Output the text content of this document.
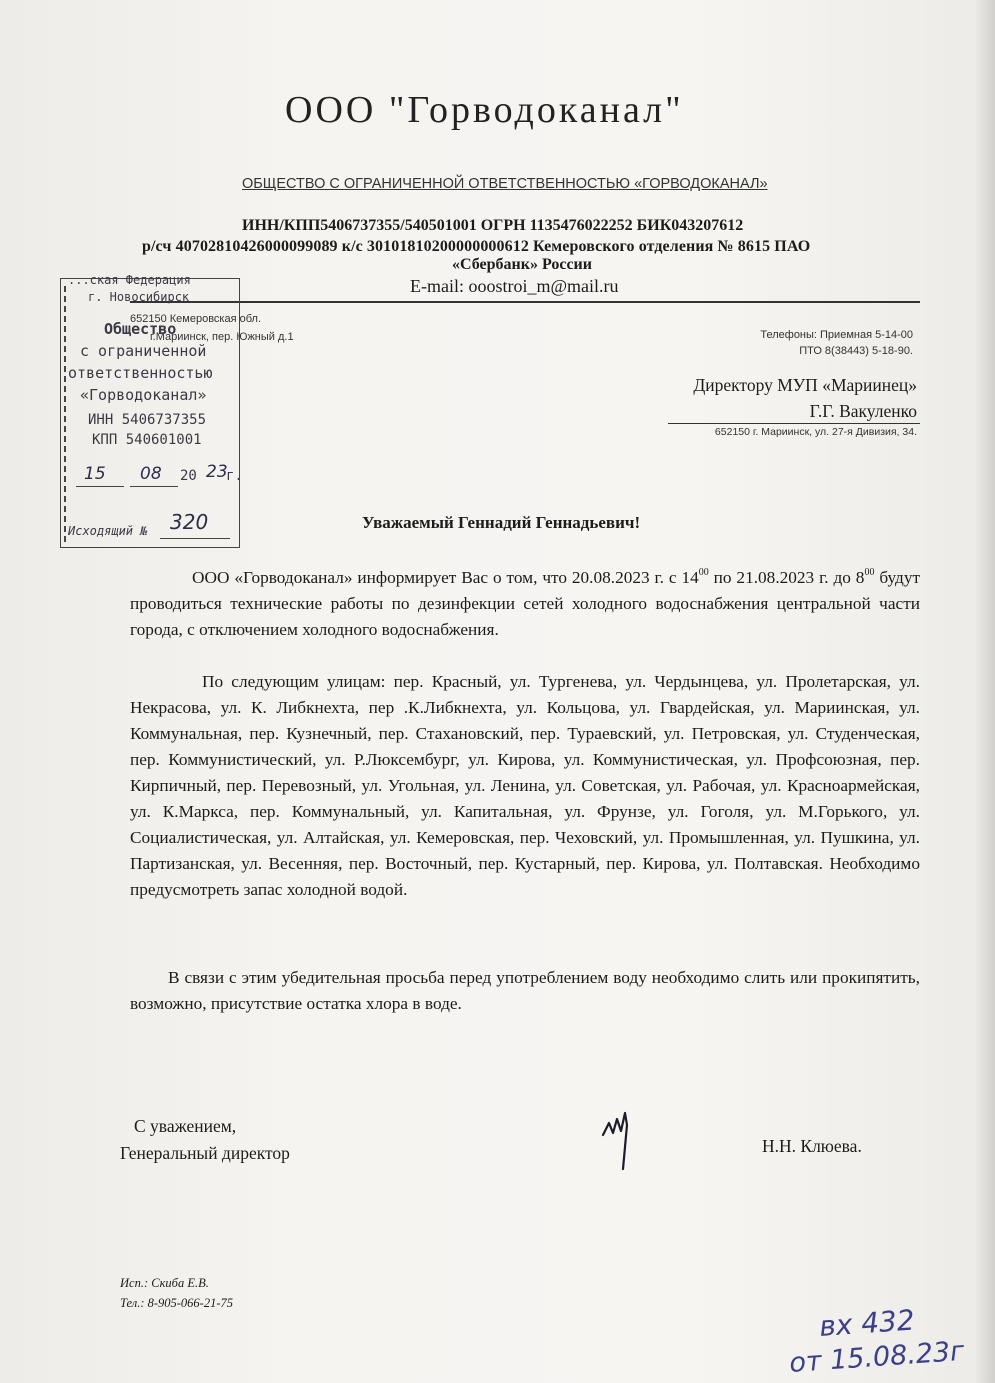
ООО "Горводоканал"
ОБЩЕСТВО С ОГРАНИЧЕННОЙ ОТВЕТСТВЕННОСТЬЮ «ГОРВОДОКАНАЛ»
ИНН/КПП5406737355/540501001 ОГРН 1135476022252 БИК043207612
р/сч 40702810426000099089 к/с 30101810200000000612 Кемеровского отделения № 8615 ПАО
«Сбербанк» России
E-mail: ooostroi_m@mail.ru
652150 Кемеровская обл.
г.Мариинск, пер. Южный д.1	Телефоны: Приемная 5-14-00
ПТО 8(38443) 5-18-90.
Директору МУП «Мариинец»
Г.Г. Вакуленко
652150 г. Мариинск, ул. 27-я Дивизия, 34.
...ская Федерация
г. Новосибирск
Общество
с ограниченной
ответственностью
«Горводоканал»
ИНН 5406737355
КПП 540601001
15 08 20 23
г.
Исходящий № 320	Уважаемый Геннадий Геннадьевич!
ООО «Горводоканал» информирует Вас о том, что 20.08.2023 г. с $14^{00}$ по 21.08.2023 г. до $8^{00}$ будут проводиться технические работы по дезинфекции сетей холодного водоснабжения центральной части города, с отключением холодного водоснабжения.
По следующим улицам: пер. Красный, ул. Тургенева, ул. Чердынцева, ул. Пролетарская, ул. Некрасова, ул. К. Либкнехта, пер .К.Либкнехта, ул. Кольцова, ул. Гвардейская, ул. Мариинская, ул. Коммунальная, пер. Кузнечный, пер. Стахановский, пер. Тураевский, ул. Петровская, ул. Студенческая, пер. Коммунистический, ул. Р.Люксембург, ул. Кирова, ул. Коммунистическая, ул. Профсоюзная, пер. Кирпичный, пер. Перевозный, ул. Угольная, ул. Ленина, ул. Советская, ул. Рабочая, ул. Красноармейская, ул. К.Маркса, пер. Коммунальный, ул. Капитальная, ул. Фрунзе, ул. Гоголя, ул. М.Горького, ул. Социалистическая, ул. Алтайская, ул. Кемеровская, пер. Чеховский, ул. Промышленная, ул. Пушкина, ул. Партизанская, ул. Весенняя, пер. Восточный, пер. Кустарный, пер. Кирова, ул. Полтавская. Необходимо предусмотреть запас холодной водой.
В связи с этим убедительная просьба перед употреблением воду необходимо слить или прокипятить, возможно, присутствие остатка хлора в воде.
С уважением,
Генеральный директор	Н.Н. Клюева.
Исп.: Скиба Е.В.
Тел.: 8-905-066-21-75
вх 432
от 15.08.23г
